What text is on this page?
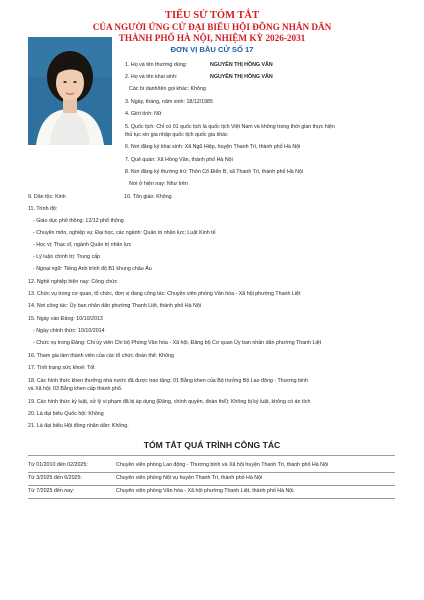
TIỂU SỬ TÓM TẮT
CỦA NGƯỜI ỨNG CỬ ĐẠI BIỂU HỘI ĐỒNG NHÂN DÂN
THÀNH PHỐ HÀ NỘI, NHIỆM KỲ 2026-2031
ĐƠN VỊ BẦU CỬ SỐ 17
1. Họ và tên thường dùng:	NGUYỄN THỊ HỒNG VÂN
2. Họ và tên khai sinh:	NGUYỄN THỊ HỒNG VÂN
Các bí danh/tên gọi khác: Không
3. Ngày, tháng, năm sinh: 18/12/1985
4. Giới tính: Nữ
5. Quốc tịch: Chỉ có 01 quốc tịch là quốc tịch Việt Nam và không trong thời gian thực hiện
thủ tục xin gia nhập quốc tịch quốc gia khác
6. Nơi đăng ký khai sinh: Xã Ngũ Hiệp, huyện Thanh Trì, thành phố Hà Nội
7. Quê quán: Xã Hồng Vân, thành phố Hà Nội
8. Nơi đăng ký thường trú: Thôn Cổ Điển B, xã Thanh Trì, thành phố Hà Nội
Nơi ở hiện nay: Như trên
9. Dân tộc: Kinh	10. Tôn giáo: Không
11. Trình độ:
- Giáo dục phổ thông: 12/12 phổ thông
- Chuyên môn, nghiệp vụ: Đại học, các ngành: Quản trị nhân lực; Luật Kinh tế
- Học vị: Thạc sĩ, ngành Quản trị nhân lực
- Lý luận chính trị: Trung cấp
- Ngoại ngữ: Tiếng Anh trình độ B1 khung châu Âu
12. Nghề nghiệp hiện nay: Công chức
13. Chức vụ trong cơ quan, tổ chức, đơn vị đang công tác: Chuyên viên phòng Văn hóa - Xã hội phường Thanh Liệt
14. Nơi công tác: Ủy ban nhân dân phường Thanh Liệt, thành phố Hà Nội
15. Ngày vào Đảng: 10/10/2013
- Ngày chính thức: 10/10/2014
- Chức vụ trong Đảng: Chi ủy viên Chi bộ Phòng Văn hóa - Xã hội, Đảng bộ Cơ quan Ủy ban nhân dân phường Thanh Liệt
16. Tham gia làm thành viên của các tổ chức đoàn thể: Không
17. Tình trạng sức khoẻ: Tốt
18. Các hình thức khen thưởng nhà nước đã được trao tặng: 01 Bằng khen của Bộ trưởng Bộ Lao động - Thương binh
và Xã hội; 03 Bằng khen cấp thành phố.
19. Các hình thức kỷ luật, xử lý vi phạm đã bị áp dụng (Đảng, chính quyền, đoàn thể): Không bị kỷ luật, không có án tích
20. Là đại biểu Quốc hội: Không
21. Là đại biểu Hội đồng nhân dân: Không.
TÓM TẮT QUÁ TRÌNH CÔNG TÁC
Từ 01/2010 đến 02/2025:	Chuyên viên phòng Lao động - Thương binh và Xã hội huyện Thanh Trì, thành phố Hà Nội
Từ 3/2025 đến 6/2025:	Chuyên viên phòng Nội vụ huyện Thanh Trì, thành phố Hà Nội
Từ 7/2025 đến nay:	Chuyên viên phòng Văn hóa - Xã hội phường Thanh Liệt, thành phố Hà Nội.
